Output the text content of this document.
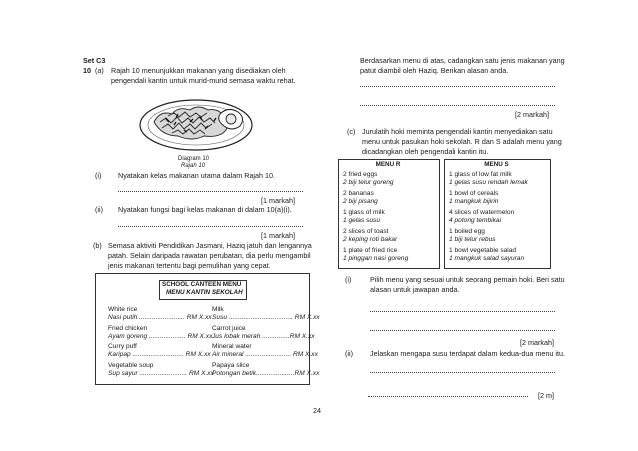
Set C3
10 (a) Rajah 10 menunjukkan makanan yang disediakan oleh
pengendali kantin untuk murid-murid semasa waktu rehat.
Diagram 10
Rajah 10
(i) Nyatakan kelas makanan utama dalam Rajah 10.
[1 markah]
(ii) Nyatakan fungsi bagi kelas makanan di dalam 10(a)(i).
[1 markah]
(b) Semasa aktiviti Pendidikan Jasmani, Haziq jatuh dan lengannya
patah. Selain daripada rawatan perubatan, dia perlu mengambil
jenis makanan tertentu bagi pemulihan yang cepat.
SCHOOL CANTEEN MENU
MENU KANTIN SEKOLAH
White rice
Nasi putih ......................... RM X.xx
Fried chicken
Ayam goreng .................... RM X.xx
Curry puff
Karipap ............................ RM X.xx
Vegetable soup
Sup sayur .......................... RM X.xx
Milk
Susu ................................... RM X.xx
Carrot juice
Jus lobak merah ...............RM X.xx
Mineral water
Air mineral ......................... RM X.xx
Papaya slice
Potongan betik.....................RM X.xx
Berdasarkan menu di atas, cadangkan satu jenis makanan yang
patut diambil oleh Haziq. Berikan alasan anda.
[2 markah]
(c) Jurulatih hoki meminta pengendali kantin menyediakan satu
menu untuk pasukan hoki sekolah. R dan S adalah menu yang
dicadangkan oleh pengendali kantin itu.
MENU R
2 fried eggs
2 biji telur goreng
2 bananas
2 biji pisang
1 glass of milk
1 gelas susu
2 slices of toast
2 keping roti bakar
1 plate of fried rice
1 pinggan nasi goreng
MENU S
1 glass of low fat milk
1 gelas susu rendah lemak
1 bowl of cereals
1 mangkuk bijirin
4 slices of watermelon
4 potong tembikai
1 boiled egg
1 biji telur rebus
1 bowl vegetable salad
1 mangkuk salad sayuran
(i)	Pilih menu yang sesuai untuk seorang pemain hoki. Beri satu
alasan untuk jawapan anda.
[2 markah]
(ii) Jelaskan mengapa susu terdapat dalam kedua-dua menu itu.
[2 m]
24
